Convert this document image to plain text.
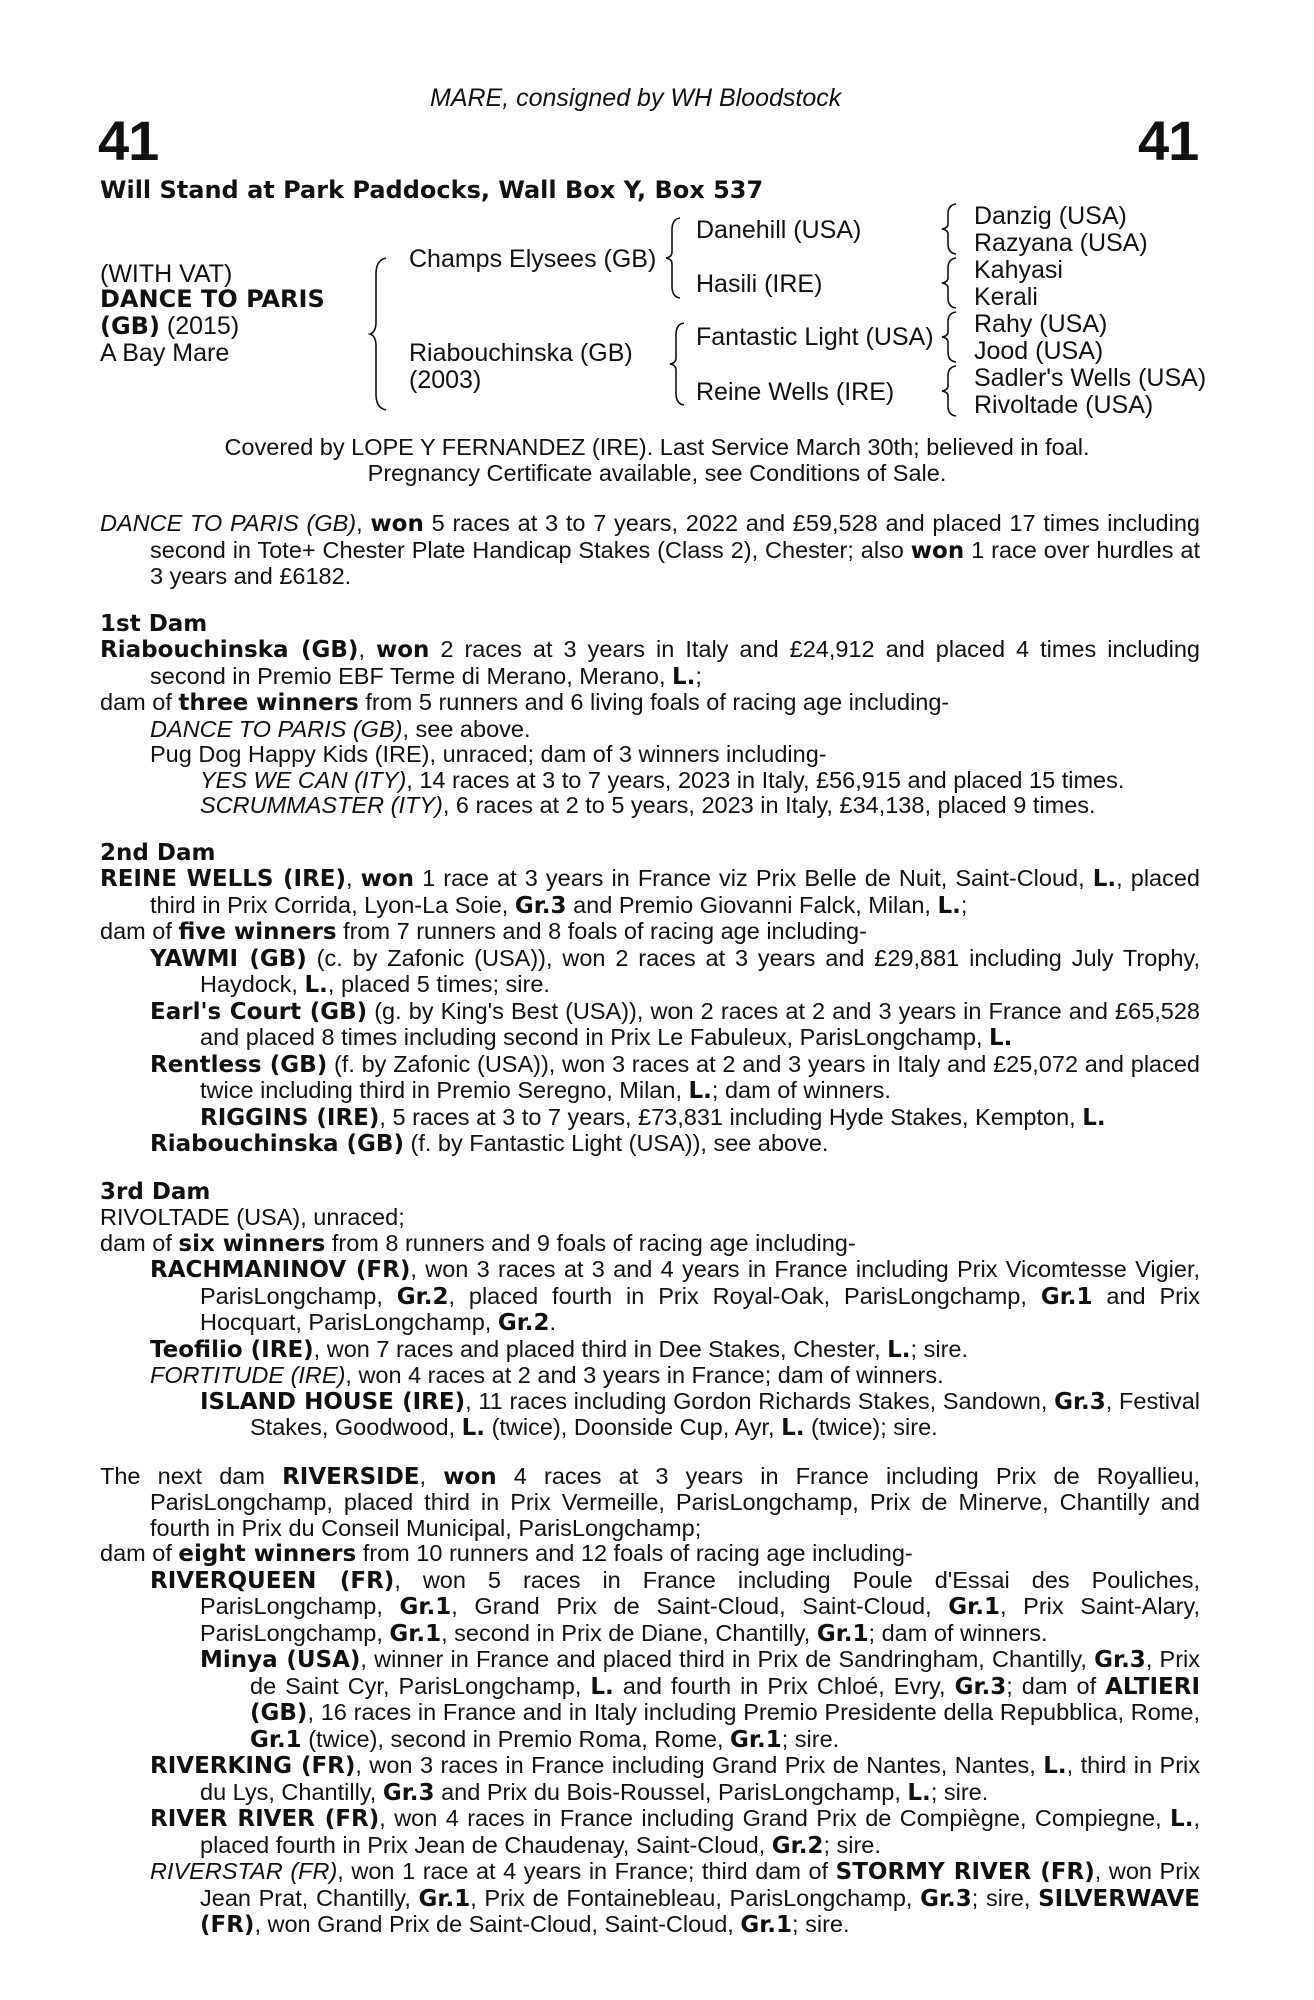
MARE, consigned by WH Bloodstock
41	41
Will Stand at Park Paddocks, Wall Box Y, Box 537
(WITH VAT)
DANCE TO PARIS
(GB) (2015)
A Bay Mare
Champs Elysees (GB)
Riabouchinska (GB)
(2003)
Danehill (USA)
Hasili (IRE)
Fantastic Light (USA)
Reine Wells (IRE)
Danzig (USA)
Razyana (USA)
Kahyasi
Kerali
Rahy (USA)
Jood (USA)
Sadler's Wells (USA)
Rivoltade (USA)
Covered by LOPE Y FERNANDEZ (IRE). Last Service March 30th; believed in foal.
Pregnancy Certificate available, see Conditions of Sale.

DANCE TO PARIS (GB), won 5 races at 3 to 7 years, 2022 and £59,528 and placed 17 times including second in Tote+ Chester Plate Handicap Stakes (Class 2), Chester; also won 1 race over hurdles at 3 years and £6182.

1st Dam

Riabouchinska (GB), won 2 races at 3 years in Italy and £24,912 and placed 4 times including second in Premio EBF Terme di Merano, Merano, L.;

dam of three winners from 5 runners and 6 living foals of racing age including-

DANCE TO PARIS (GB), see above.

Pug Dog Happy Kids (IRE), unraced; dam of 3 winners including-

YES WE CAN (ITY), 14 races at 3 to 7 years, 2023 in Italy, £56,915 and placed 15 times.

SCRUMMASTER (ITY), 6 races at 2 to 5 years, 2023 in Italy, £34,138, placed 9 times.

2nd Dam

REINE WELLS (IRE), won 1 race at 3 years in France viz Prix Belle de Nuit, Saint-Cloud, L., placed third in Prix Corrida, Lyon-La Soie, Gr.3 and Premio Giovanni Falck, Milan, L.;

dam of five winners from 7 runners and 8 foals of racing age including-

YAWMI (GB) (c. by Zafonic (USA)), won 2 races at 3 years and £29,881 including July Trophy, Haydock, L., placed 5 times; sire.

Earl's Court (GB) (g. by King's Best (USA)), won 2 races at 2 and 3 years in France and £65,528 and placed 8 times including second in Prix Le Fabuleux, ParisLongchamp, L.

Rentless (GB) (f. by Zafonic (USA)), won 3 races at 2 and 3 years in Italy and £25,072 and placed twice including third in Premio Seregno, Milan, L.; dam of winners.

RIGGINS (IRE), 5 races at 3 to 7 years, £73,831 including Hyde Stakes, Kempton, L.

Riabouchinska (GB) (f. by Fantastic Light (USA)), see above.

3rd Dam

RIVOLTADE (USA), unraced;

dam of six winners from 8 runners and 9 foals of racing age including-

RACHMANINOV (FR), won 3 races at 3 and 4 years in France including Prix Vicomtesse Vigier, ParisLongchamp, Gr.2, placed fourth in Prix Royal-Oak, ParisLongchamp, Gr.1 and Prix Hocquart, ParisLongchamp, Gr.2.

Teofilio (IRE), won 7 races and placed third in Dee Stakes, Chester, L.; sire.

FORTITUDE (IRE), won 4 races at 2 and 3 years in France; dam of winners.

ISLAND HOUSE (IRE), 11 races including Gordon Richards Stakes, Sandown, Gr.3, Festival Stakes, Goodwood, L. (twice), Doonside Cup, Ayr, L. (twice); sire.

The next dam RIVERSIDE, won 4 races at 3 years in France including Prix de Royallieu, ParisLongchamp, placed third in Prix Vermeille, ParisLongchamp, Prix de Minerve, Chantilly and fourth in Prix du Conseil Municipal, ParisLongchamp;

dam of eight winners from 10 runners and 12 foals of racing age including-

RIVERQUEEN (FR), won 5 races in France including Poule d'Essai des Pouliches, ParisLongchamp, Gr.1, Grand Prix de Saint-Cloud, Saint-Cloud, Gr.1, Prix Saint-Alary, ParisLongchamp, Gr.1, second in Prix de Diane, Chantilly, Gr.1; dam of winners.

Minya (USA), winner in France and placed third in Prix de Sandringham, Chantilly, Gr.3, Prix de Saint Cyr, ParisLongchamp, L. and fourth in Prix Chloé, Evry, Gr.3; dam of ALTIERI (GB), 16 races in France and in Italy including Premio Presidente della Repubblica, Rome, Gr.1 (twice), second in Premio Roma, Rome, Gr.1; sire.

RIVERKING (FR), won 3 races in France including Grand Prix de Nantes, Nantes, L., third in Prix du Lys, Chantilly, Gr.3 and Prix du Bois-Roussel, ParisLongchamp, L.; sire.

RIVER RIVER (FR), won 4 races in France including Grand Prix de Compiègne, Compiegne, L., placed fourth in Prix Jean de Chaudenay, Saint-Cloud, Gr.2; sire.

RIVERSTAR (FR), won 1 race at 4 years in France; third dam of STORMY RIVER (FR), won Prix Jean Prat, Chantilly, Gr.1, Prix de Fontainebleau, ParisLongchamp, Gr.3; sire, SILVERWAVE (FR), won Grand Prix de Saint-Cloud, Saint-Cloud, Gr.1; sire.
